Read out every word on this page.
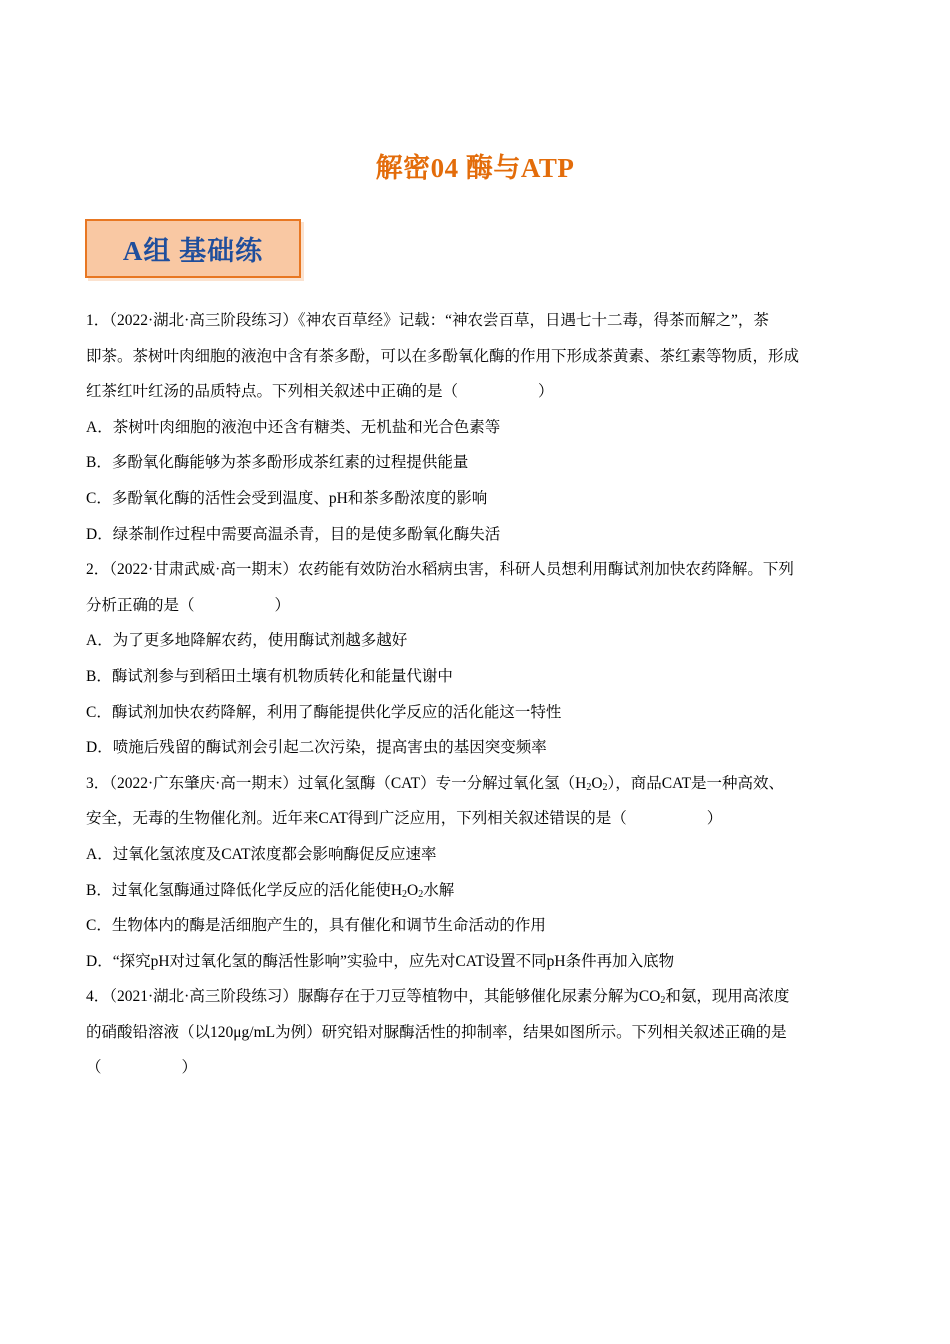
解密04 酶与ATP
A组 基础练
1．（2022·湖北·高三阶段练习）《神农百草经》记载：“神农尝百草，日遇七十二毒，得茶而解之”，茶
即茶。茶树叶肉细胞的液泡中含有茶多酚，可以在多酚氧化酶的作用下形成茶黄素、茶红素等物质，形成
红茶红叶红汤的品质特点。下列相关叙述中正确的是（	）
A．茶树叶肉细胞的液泡中还含有糖类、无机盐和光合色素等
B．多酚氧化酶能够为茶多酚形成茶红素的过程提供能量
C．多酚氧化酶的活性会受到温度、pH和茶多酚浓度的影响
D．绿茶制作过程中需要高温杀青，目的是使多酚氧化酶失活
2．（2022·甘肃武威·高一期末）农药能有效防治水稻病虫害，科研人员想利用酶试剂加快农药降解。下列
分析正确的是（	）
A．为了更多地降解农药，使用酶试剂越多越好
B．酶试剂参与到稻田土壤有机物质转化和能量代谢中
C．酶试剂加快农药降解，利用了酶能提供化学反应的活化能这一特性
D．喷施后残留的酶试剂会引起二次污染，提高害虫的基因突变频率
3．（2022·广东肇庆·高一期末）过氧化氢酶（CAT）专一分解过氧化氢$(H_2O_2)$，商品CAT是一种高效、
安全，无毒的生物催化剂。近年来CAT得到广泛应用，下列相关叙述错误的是（	）
A．过氧化氢浓度及CAT浓度都会影响酶促反应速率
B．过氧化氢酶通过降低化学反应的活化能使$H_2O_2$水解
C．生物体内的酶是活细胞产生的，具有催化和调节生命活动的作用
D．“探究pH对过氧化氢的酶活性影响”实验中，应先对CAT设置不同pH条件再加入底物
4．（2021·湖北·高三阶段练习）脲酶存在于刀豆等植物中，其能够催化尿素分解为$CO_2$和氨，现用高浓度
的硝酸铅溶液（以120μg/mL为例）研究铅对脲酶活性的抑制率，结果如图所示。下列相关叙述正确的是
（	）
